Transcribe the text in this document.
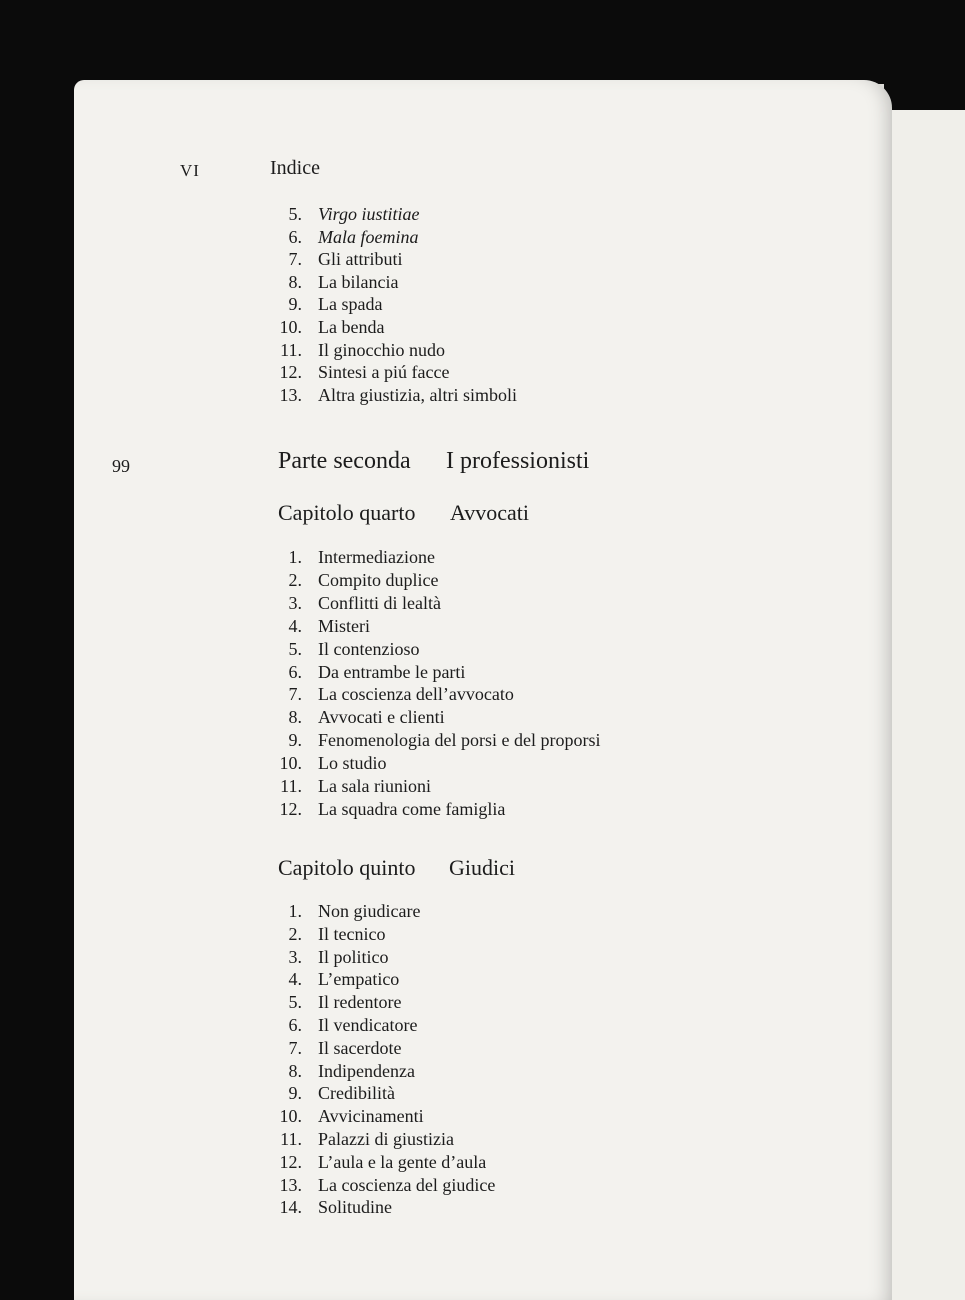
VI	Indice
5. Virgo iustitiae
6. Mala foemina
7. Gli attributi
8. La bilancia
9. La spada
10. La benda
11. Il ginocchio nudo
12. Sintesi a piú facce
13. Altra giustizia, altri simboli
99	Parte seconda I professionisti
Capitolo quarto Avvocati
1. Intermediazione
2. Compito duplice
3. Conflitti di lealtà
4. Misteri
5. Il contenzioso
6. Da entrambe le parti
7. La coscienza dell’avvocato
8. Avvocati e clienti
9. Fenomenologia del porsi e del proporsi
10. Lo studio
11. La sala riunioni
12. La squadra come famiglia
Capitolo quinto Giudici
1. Non giudicare
2. Il tecnico
3. Il politico
4. L’empatico
5. Il redentore
6. Il vendicatore
7. Il sacerdote
8. Indipendenza
9. Credibilità
10. Avvicinamenti
11. Palazzi di giustizia
12. L’aula e la gente d’aula
13. La coscienza del giudice
14. Solitudine
